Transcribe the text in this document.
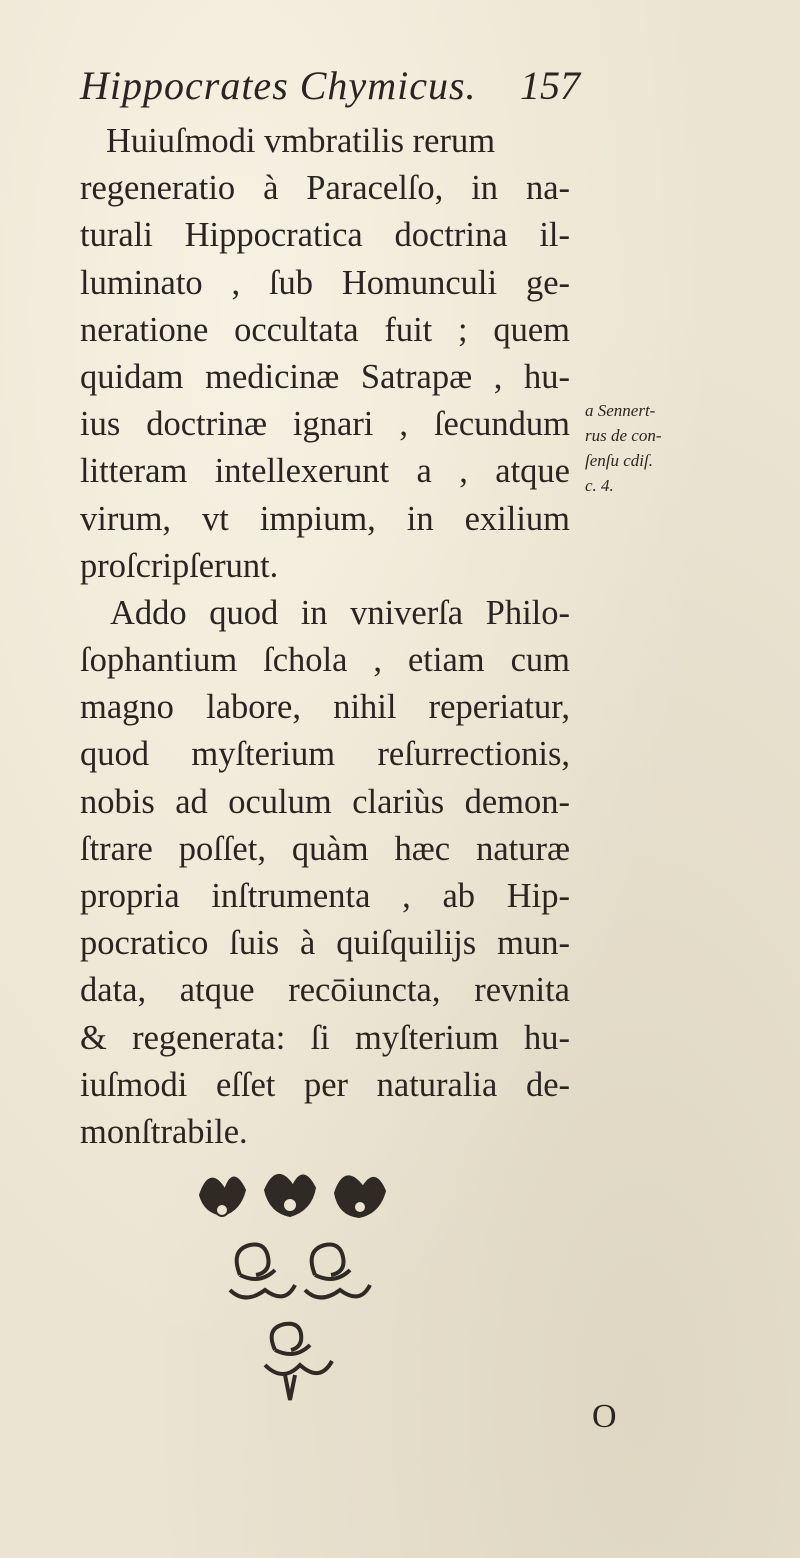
Hippocrates Chymicus. 157
Huiuſmodi vmbratilis rerum
regeneratio à Paracelſo, in na-
turali Hippocratica doctrina il-
luminato , ſub Homunculi ge-
neratione occultata fuit ; quem
quidam medicinæ Satrapæ , hu-
ius doctrinæ ignari , ſecundum
litteram intellexerunt a , atque
virum, vt impium, in exilium
proſcripſerunt.
Addo quod in vniverſa Philo-
ſophantium ſchola , etiam cum
magno labore, nihil reperiatur,
quod myſterium reſurrectionis,
nobis ad oculum clariùs demon-
ſtrare poſſet, quàm hæc naturæ
propria inſtrumenta , ab Hip-
pocratico ſuis à quiſquilijs mun-
data, atque recōiuncta, revnita
& regenerata: ſi myſterium hu-
iuſmodi eſſet per naturalia de-
monſtrabile.
a Sennert-
rus de con-
ſenſu cdiſ.
c. 4.
O
